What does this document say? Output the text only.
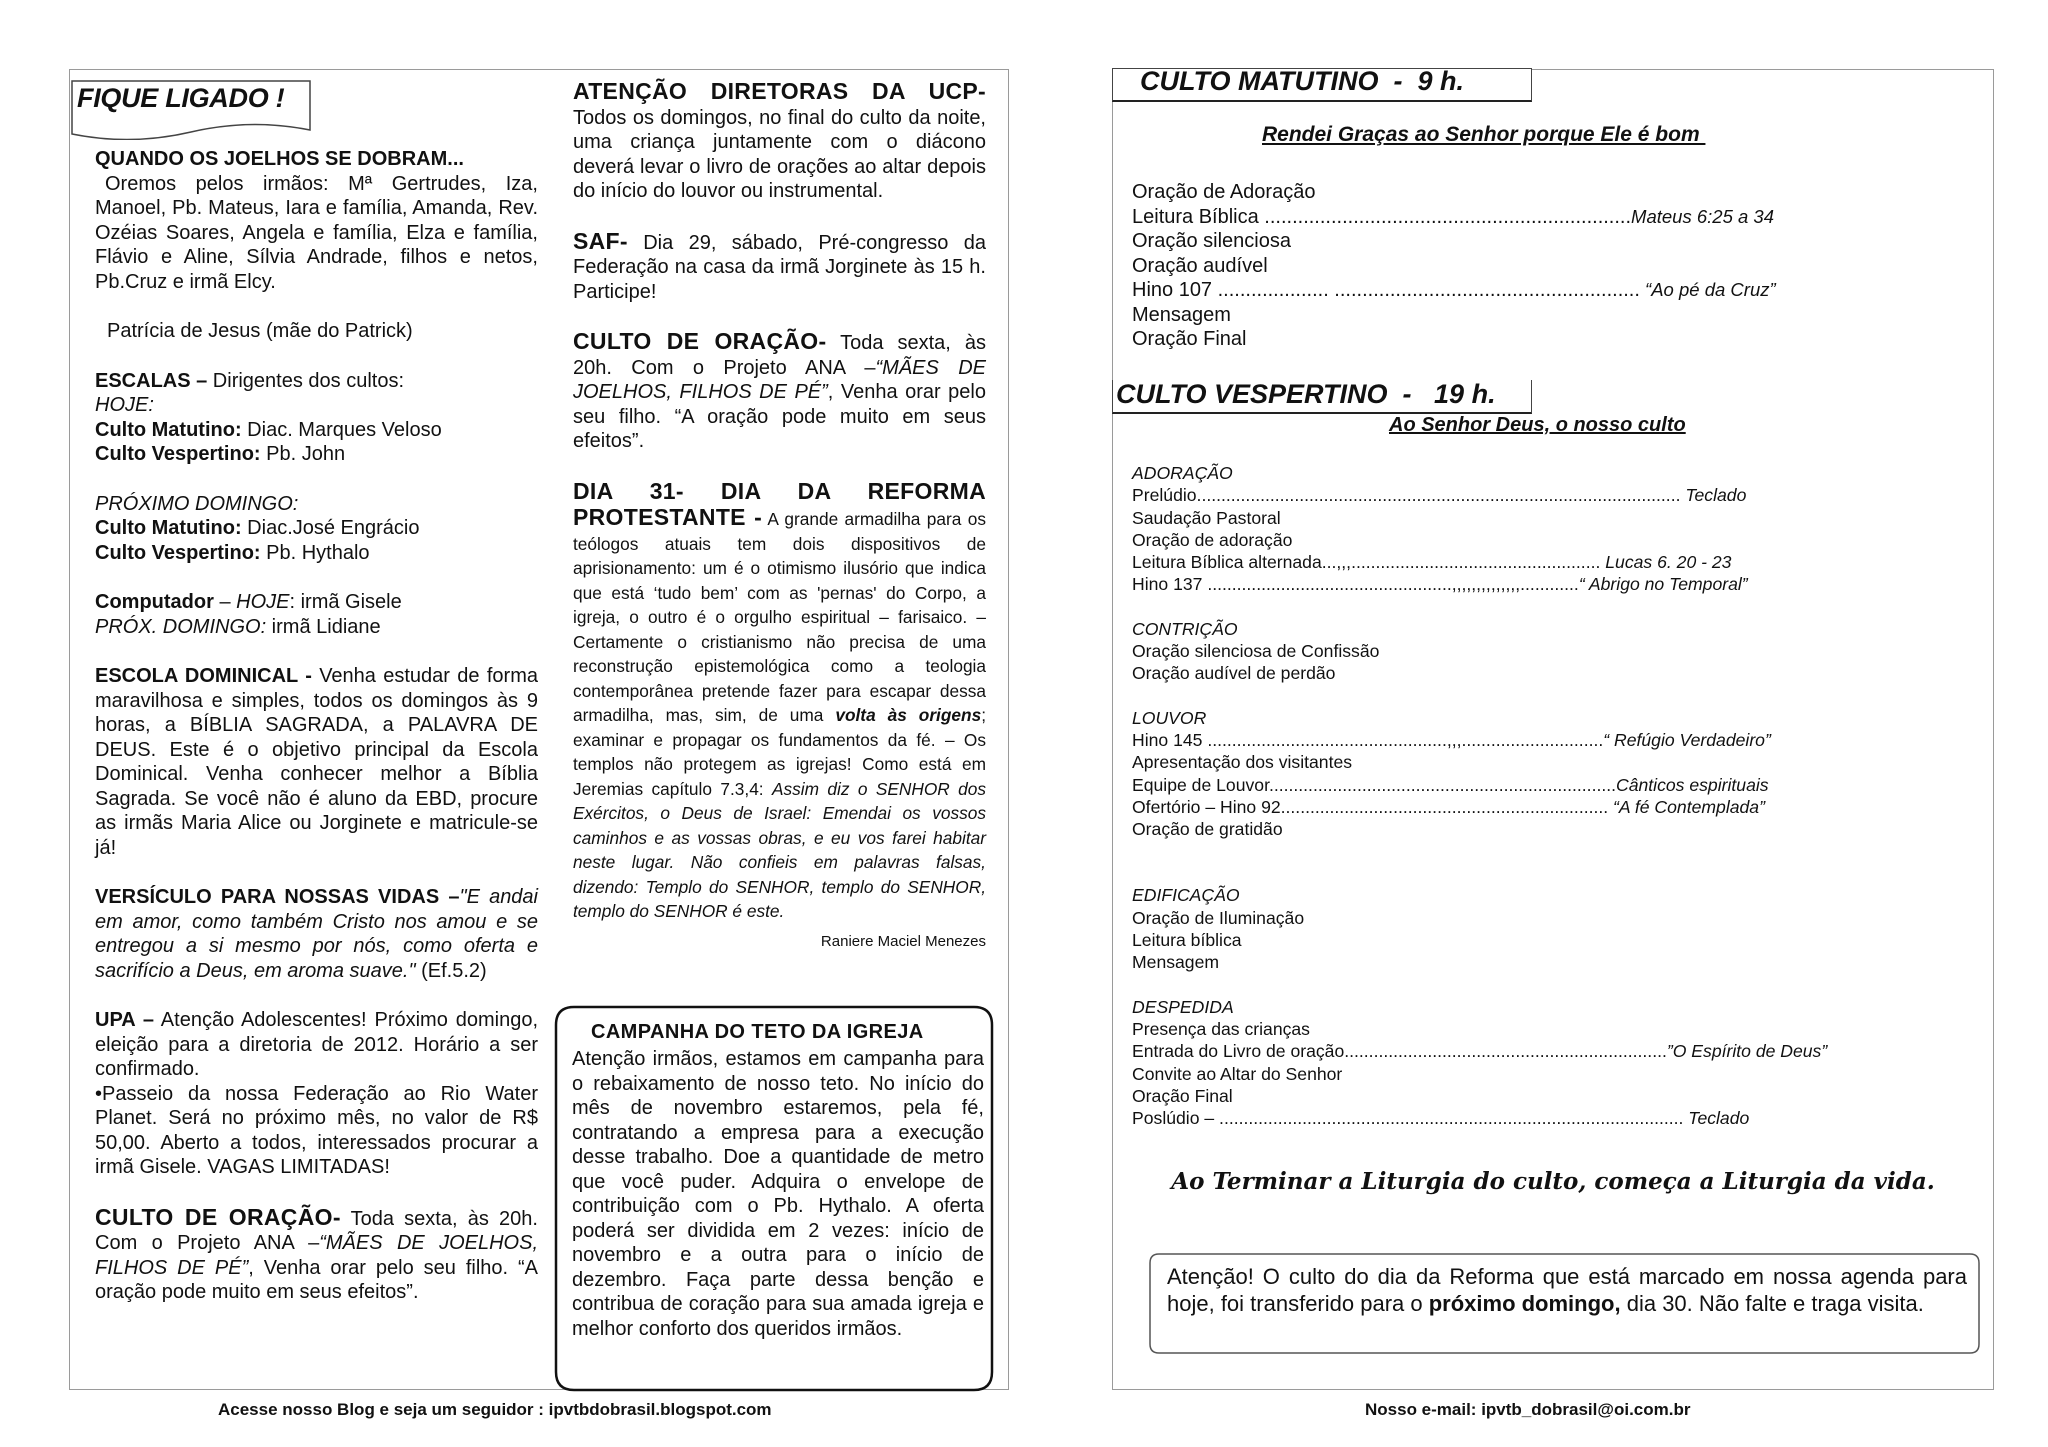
FIQUE LIGADO !
QUANDO OS JOELHOS SE DOBRAM...
Oremos pelos irmãos: Mª Gertrudes, Iza, Manoel, Pb. Mateus, Iara e família, Amanda, Rev. Ozéias Soares, Angela e família, Elza e família, Flávio e Aline, Sílvia Andrade, filhos e netos, Pb.Cruz e irmã Elcy.
Patrícia de Jesus (mãe do Patrick)
ESCALAS – Dirigentes dos cultos:
HOJE:
Culto Matutino: Diac. Marques Veloso
Culto Vespertino: Pb. John
PRÓXIMO DOMINGO:
Culto Matutino: Diac.José Engrácio
Culto Vespertino: Pb. Hythalo
Computador – HOJE: irmã Gisele
PRÓX. DOMINGO: irmã Lidiane
ESCOLA DOMINICAL - Venha estudar de forma maravilhosa e simples, todos os domingos às 9 horas, a BÍBLIA SAGRADA, a PALAVRA DE DEUS. Este é o objetivo principal da Escola Dominical. Venha conhecer melhor a Bíblia Sagrada. Se você não é aluno da EBD, procure as irmãs Maria Alice ou Jorginete e matricule-se já!
VERSÍCULO PARA NOSSAS VIDAS –"E andai em amor, como também Cristo nos amou e se entregou a si mesmo por nós, como oferta e sacrifício a Deus, em aroma suave." (Ef.5.2)
UPA – Atenção Adolescentes! Próximo domingo, eleição para a diretoria de 2012. Horário a ser confirmado.
•Passeio da nossa Federação ao Rio Water Planet. Será no próximo mês, no valor de R$ 50,00. Aberto a todos, interessados procurar a irmã Gisele. VAGAS LIMITADAS!
CULTO DE ORAÇÃO- Toda sexta, às 20h. Com o Projeto ANA –“MÃES DE JOELHOS, FILHOS DE PÉ”, Venha orar pelo seu filho. “A oração pode muito em seus efeitos”.
ATENÇÃO DIRETORAS DA UCP- Todos os domingos, no final do culto da noite, uma criança juntamente com o diácono deverá levar o livro de orações ao altar depois do início do louvor ou instrumental.
SAF- Dia 29, sábado, Pré-congresso da Federação na casa da irmã Jorginete às 15 h. Participe!
CULTO DE ORAÇÃO- Toda sexta, às 20h. Com o Projeto ANA –“MÃES DE JOELHOS, FILHOS DE PÉ”, Venha orar pelo seu filho. “A oração pode muito em seus efeitos”.
DIA 31- DIA DA REFORMA PROTESTANTE - A grande armadilha para os teólogos atuais tem dois dispositivos de aprisionamento: um é o otimismo ilusório que indica que está ‘tudo bem’ com as 'pernas' do Corpo, a igreja, o outro é o orgulho espiritual – farisaico. – Certamente o cristianismo não precisa de uma reconstrução epistemológica como a teologia contemporânea pretende fazer para escapar dessa armadilha, mas, sim, de uma volta às origens; examinar e propagar os fundamentos da fé. – Os templos não protegem as igrejas! Como está em Jeremias capítulo 7.3,4: Assim diz o SENHOR dos Exércitos, o Deus de Israel: Emendai os vossos caminhos e as vossas obras, e eu vos farei habitar neste lugar. Não confieis em palavras falsas, dizendo: Templo do SENHOR, templo do SENHOR, templo do SENHOR é este.
Raniere Maciel Menezes
CAMPANHA DO TETO DA IGREJA
Atenção irmãos, estamos em campanha para o rebaixamento de nosso teto. No início do mês de novembro estaremos, pela fé, contratando a empresa para a execução desse trabalho. Doe a quantidade de metro que você puder. Adquira o envelope de contribuição com o Pb. Hythalo. A oferta poderá ser dividida em 2 vezes: início de novembro e a outra para o início de dezembro. Faça parte dessa benção e contribua de coração para sua amada igreja e melhor conforto dos queridos irmãos.
Acesse nosso Blog e seja um seguidor : ipvtbdobrasil.blogspot.com
CULTO MATUTINO  -  9 h.
Rendei Graças ao Senhor porque Ele é bom
Oração de Adoração
Leitura Bíblica ..................................................................Mateus 6:25 a 34
Oração silenciosa
Oração audível
Hino 107 .................... ....................................................... “Ao pé da Cruz”
Mensagem
Oração Final
CULTO VESPERTINO  -   19 h.
Ao Senhor Deus, o nosso culto
ADORAÇÃO
Prelúdio................................................................................................... Teclado
Saudação Pastoral
Oração de adoração
Leitura Bíblica alternada...,,,................................................... Lucas 6. 20 - 23
Hino 137 ..................................................,,,,,,,,,,,,,,............“ Abrigo no Temporal”
CONTRIÇÃO
Oração silenciosa de Confissão
Oração audível de perdão
LOUVOR
Hino 145 .................................................,,,.............................“ Refúgio Verdadeiro”
Apresentação dos visitantes
Equipe de Louvor.......................................................................Cânticos espirituais
Ofertório – Hino 92................................................................... “A fé Contemplada”
Oração de gratidão
EDIFICAÇÃO
Oração de Iluminação
Leitura bíblica
Mensagem
DESPEDIDA
Presença das crianças
Entrada do Livro de oração..................................................................”O Espírito de Deus”
Convite ao Altar do Senhor
Oração Final
Poslúdio – ............................................................................................... Teclado
Ao Terminar a Liturgia do culto, começa a Liturgia da vida.
Atenção! O culto do dia da Reforma que está marcado em nossa agenda para hoje, foi transferido para o próximo domingo, dia 30. Não falte e traga visita.
Nosso e-mail: ipvtb_dobrasil@oi.com.br
